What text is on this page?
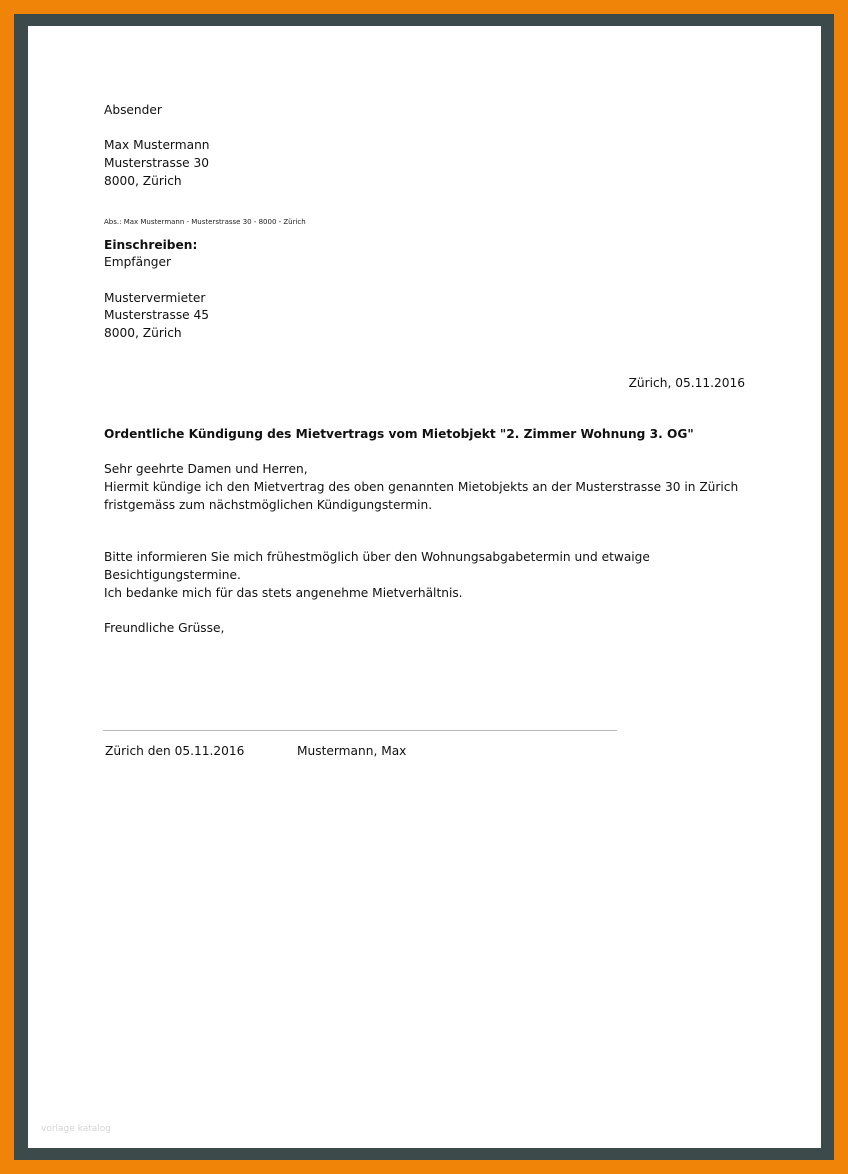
Absender
Max Mustermann
Musterstrasse 30
8000, Zürich
Abs.: Max Mustermann - Musterstrasse 30 - 8000 - Zürich
Einschreiben:
Empfänger
Mustervermieter
Musterstrasse 45
8000, Zürich
Zürich, 05.11.2016
Ordentliche Kündigung des Mietvertrags vom Mietobjekt "2. Zimmer Wohnung 3. OG"
Sehr geehrte Damen und Herren,
Hiermit kündige ich den Mietvertrag des oben genannten Mietobjekts an der Musterstrasse 30 in Zürich
fristgemäss zum nächstmöglichen Kündigungstermin.
Bitte informieren Sie mich frühestmöglich über den Wohnungsabgabetermin und etwaige
Besichtigungstermine.
Ich bedanke mich für das stets angenehme Mietverhältnis.
Freundliche Grüsse,
Zürich den 05.11.2016	Mustermann, Max
vorlage katalog
